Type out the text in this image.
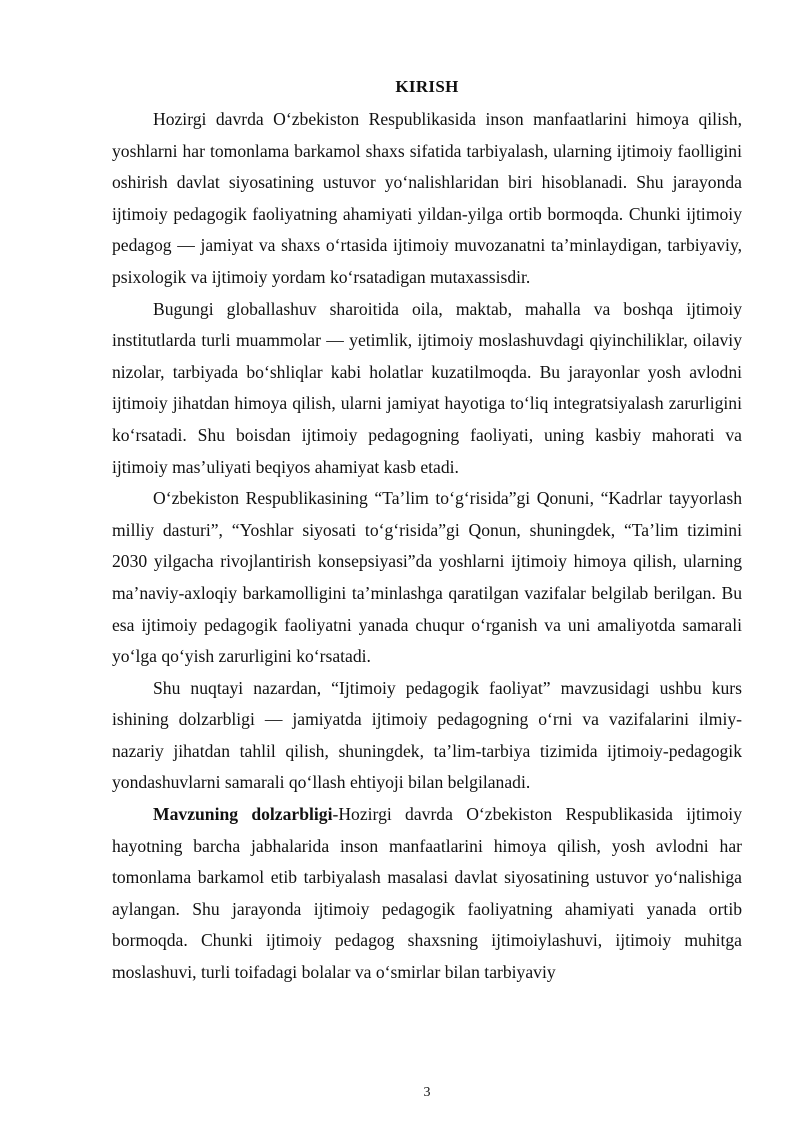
KIRISH

Hozirgi davrda O‘zbekiston Respublikasida inson manfaatlarini himoya qilish, yoshlarni har tomonlama barkamol shaxs sifatida tarbiyalash, ularning ijtimoiy faolligini oshirish davlat siyosatining ustuvor yo‘nalishlaridan biri hisoblanadi. Shu jarayonda ijtimoiy pedagogik faoliyatning ahamiyati yildan-yilga ortib bormoqda. Chunki ijtimoiy pedagog — jamiyat va shaxs o‘rtasida ijtimoiy muvozanatni ta’minlaydigan, tarbiyaviy, psixologik va ijtimoiy yordam ko‘rsatadigan mutaxassisdir.

Bugungi globallashuv sharoitida oila, maktab, mahalla va boshqa ijtimoiy institutlarda turli muammolar — yetimlik, ijtimoiy moslashuvdagi qiyinchiliklar, oilaviy nizolar, tarbiyada bo‘shliqlar kabi holatlar kuzatilmoqda. Bu jarayonlar yosh avlodni ijtimoiy jihatdan himoya qilish, ularni jamiyat hayotiga to‘liq integratsiyalash zarurligini ko‘rsatadi. Shu boisdan ijtimoiy pedagogning faoliyati, uning kasbiy mahorati va ijtimoiy mas’uliyati beqiyos ahamiyat kasb etadi.

O‘zbekiston Respublikasining “Ta’lim to‘g‘risida”gi Qonuni, “Kadrlar tayyorlash milliy dasturi”, “Yoshlar siyosati to‘g‘risida”gi Qonun, shuningdek, “Ta’lim tizimini 2030 yilgacha rivojlantirish konsepsiyasi”da yoshlarni ijtimoiy himoya qilish, ularning ma’naviy-axloqiy barkamolligini ta’minlashga qaratilgan vazifalar belgilab berilgan. Bu esa ijtimoiy pedagogik faoliyatni yanada chuqur o‘rganish va uni amaliyotda samarali yo‘lga qo‘yish zarurligini ko‘rsatadi.

Shu nuqtayi nazardan, “Ijtimoiy pedagogik faoliyat” mavzusidagi ushbu kurs ishining dolzarbligi — jamiyatda ijtimoiy pedagogning o‘rni va vazifalarini ilmiy-nazariy jihatdan tahlil qilish, shuningdek, ta’lim-tarbiya tizimida ijtimoiy-pedagogik yondashuvlarni samarali qo‘llash ehtiyoji bilan belgilanadi.

Mavzuning dolzarbligi-Hozirgi davrda O‘zbekiston Respublikasida ijtimoiy hayotning barcha jabhalarida inson manfaatlarini himoya qilish, yosh avlodni har tomonlama barkamol etib tarbiyalash masalasi davlat siyosatining ustuvor yo‘nalishiga aylangan. Shu jarayonda ijtimoiy pedagogik faoliyatning ahamiyati yanada ortib bormoqda. Chunki ijtimoiy pedagog shaxsning ijtimoiylashuvi, ijtimoiy muhitga moslashuvi, turli toifadagi bolalar va o‘smirlar bilan tarbiyaviy

3
